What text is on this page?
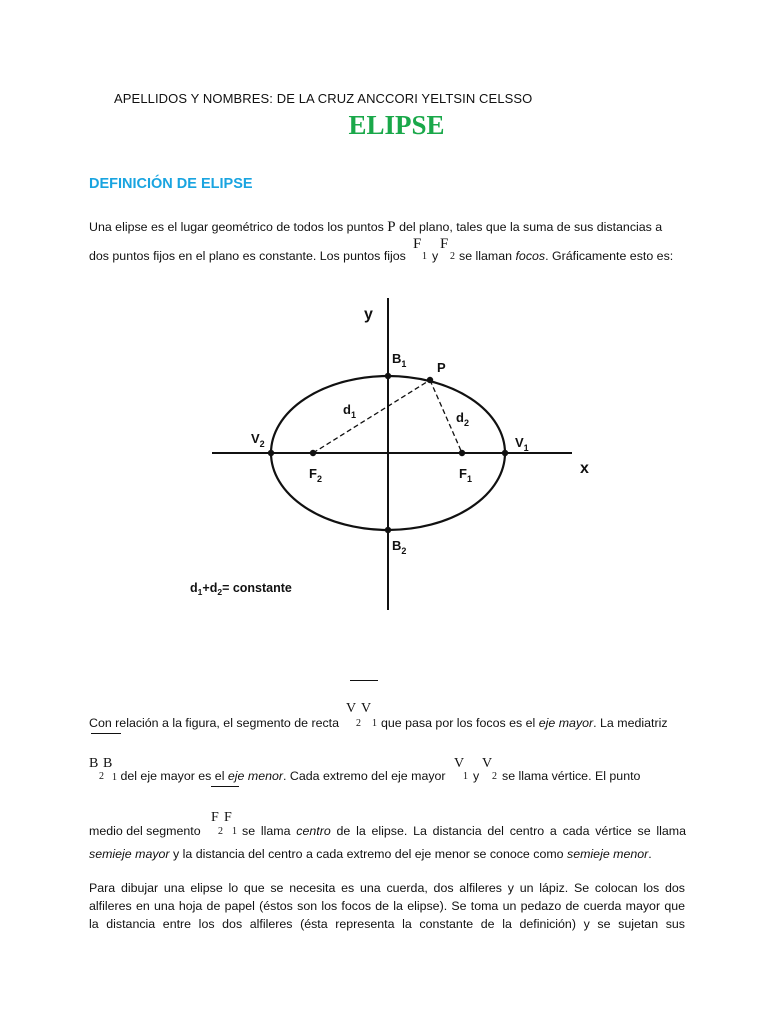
APELLIDOS Y NOMBRES: DE LA CRUZ ANCCORI YELTSIN CELSSO
ELIPSE
DEFINICIÓN DE ELIPSE
Una elipse es el lugar geométrico de todos los puntos P del plano, tales que la suma de sus distancias a
dos puntos fijos en el plano es constante. Los puntos fijos
F
1 y
F
2 se llaman focos. Gráficamente esto es:
y
x
$B_1$
$B_2$
$V_2$	$V_1$
$F_2$	$F_1$
P
$d_1$	$d_2$
$d_1+d_2=$ constante
V V
Con relación a la figura, el segmento de recta 2 1 que pasa por los focos es el eje mayor. La mediatriz
B B
2 1 del eje mayor es el eje menor. Cada extremo del eje mayor
V
1 y
V
2 se llama vértice. El punto
F F
medio del segmento 2 1 se llama centro de la elipse. La distancia del centro a cada vértice se llama
semieje mayor y la distancia del centro a cada extremo del eje menor se conoce como semieje menor.
Para dibujar una elipse lo que se necesita es una cuerda, dos alfileres y un lápiz. Se colocan los dos
alfileres en una hoja de papel (éstos son los focos de la elipse). Se toma un pedazo de cuerda mayor que
la distancia entre los dos alfileres (ésta representa la constante de la definición) y se sujetan sus
